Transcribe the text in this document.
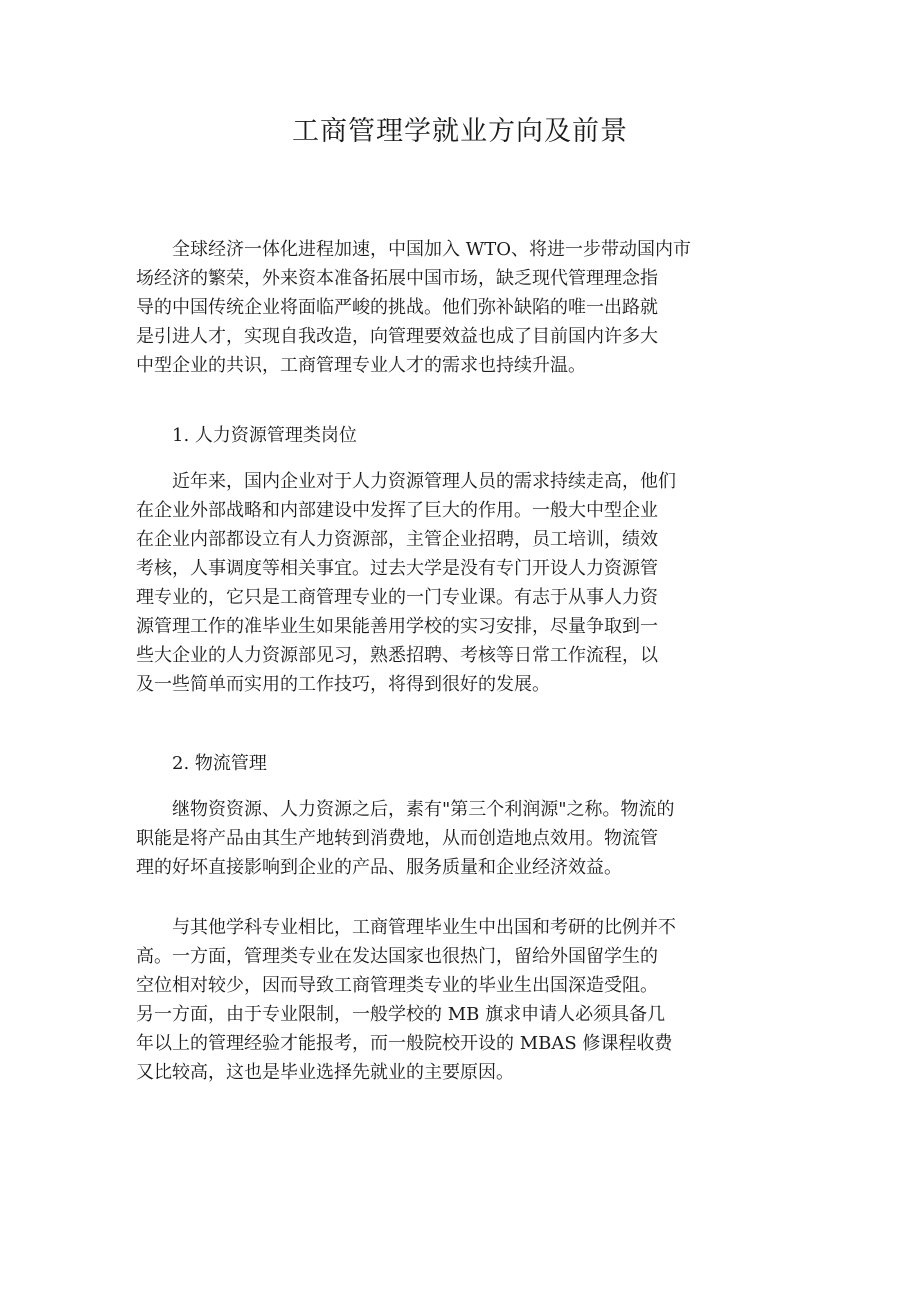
工商管理学就业方向及前景
全球经济一体化进程加速，中国加入 WTO、将进一步带动国内市
场经济的繁荣，外来资本准备拓展中国市场，缺乏现代管理理念指
导的中国传统企业将面临严峻的挑战。他们弥补缺陷的唯一出路就
是引进人才，实现自我改造，向管理要效益也成了目前国内许多大
中型企业的共识，工商管理专业人才的需求也持续升温。
1. 人力资源管理类岗位
近年来，国内企业对于人力资源管理人员的需求持续走高，他们
在企业外部战略和内部建设中发挥了巨大的作用。一般大中型企业
在企业内部都设立有人力资源部，主管企业招聘，员工培训，绩效
考核，人事调度等相关事宜。过去大学是没有专门开设人力资源管
理专业的，它只是工商管理专业的一门专业课。有志于从事人力资
源管理工作的准毕业生如果能善用学校的实习安排，尽量争取到一
些大企业的人力资源部见习，熟悉招聘、考核等日常工作流程，以
及一些简单而实用的工作技巧，将得到很好的发展。
2. 物流管理
继物资资源、人力资源之后，素有"第三个利润源"之称。物流的
职能是将产品由其生产地转到消费地，从而创造地点效用。物流管
理的好坏直接影响到企业的产品、服务质量和企业经济效益。
与其他学科专业相比，工商管理毕业生中出国和考研的比例并不
高。一方面，管理类专业在发达国家也很热门，留给外国留学生的
空位相对较少，因而导致工商管理类专业的毕业生出国深造受阻。
另一方面，由于专业限制，一般学校的 MB 旗求申请人必须具备几
年以上的管理经验才能报考，而一般院校开设的 MBAS 修课程收费
又比较高，这也是毕业选择先就业的主要原因。
